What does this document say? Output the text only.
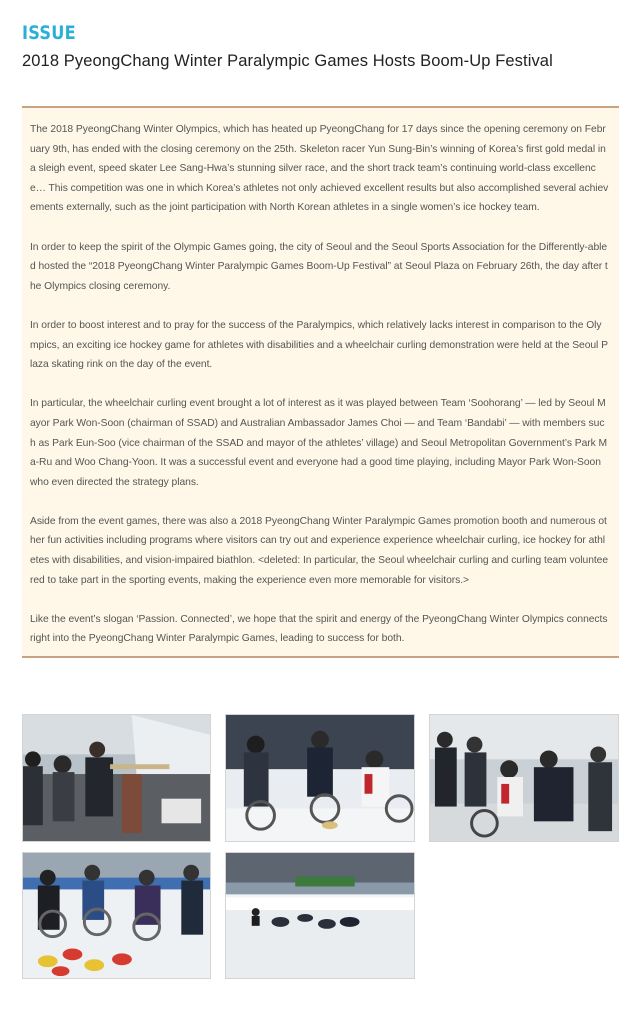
ISSUE
2018 PyeongChang Winter Paralympic Games Hosts Boom-Up Festival

The 2018 PyeongChang Winter Olympics, which has heated up PyeongChang for 17 days since the opening ceremony on February 9th, has ended with the closing ceremony on the 25th. Skeleton racer Yun Sung-Bin’s winning of Korea’s first gold medal in a sleigh event, speed skater Lee Sang-Hwa’s stunning silver race, and the short track team’s continuing world-class excellence… This competition was one in which Korea’s athletes not only achieved excellent results but also accomplished several achievements externally, such as the joint participation with North Korean athletes in a single women’s ice hockey team.

In order to keep the spirit of the Olympic Games going, the city of Seoul and the Seoul Sports Association for the Differently-abled hosted the “2018 PyeongChang Winter Paralympic Games Boom-Up Festival” at Seoul Plaza on February 26th, the day after the Olympics closing ceremony.

In order to boost interest and to pray for the success of the Paralympics, which relatively lacks interest in comparison to the Olympics, an exciting ice hockey game for athletes with disabilities and a wheelchair curling demonstration were held at the Seoul Plaza skating rink on the day of the event.

In particular, the wheelchair curling event brought a lot of interest as it was played between Team ‘Soohorang’ — led by Seoul Mayor Park Won-Soon (chairman of SSAD) and Australian Ambassador James Choi — and Team ‘Bandabi’ — with members such as Park Eun-Soo (vice chairman of the SSAD and mayor of the athletes’ village) and Seoul Metropolitan Government’s Park Ma-Ru and Woo Chang-Yoon. It was a successful event and everyone had a good time playing, including Mayor Park Won-Soon who even directed the strategy plans.

Aside from the event games, there was also a 2018 PyeongChang Winter Paralympic Games promotion booth and numerous other fun activities including programs where visitors can try out and experience experience wheelchair curling, ice hockey for athletes with disabilities, and vision-impaired biathlon. <deleted: In particular, the Seoul wheelchair curling and curling team volunteered to take part in the sporting events, making the experience even more memorable for visitors.>

Like the event’s slogan ‘Passion. Connected’, we hope that the spirit and energy of the PyeongChang Winter Olympics connects right into the PyeongChang Winter Paralympic Games, leading to success for both.
